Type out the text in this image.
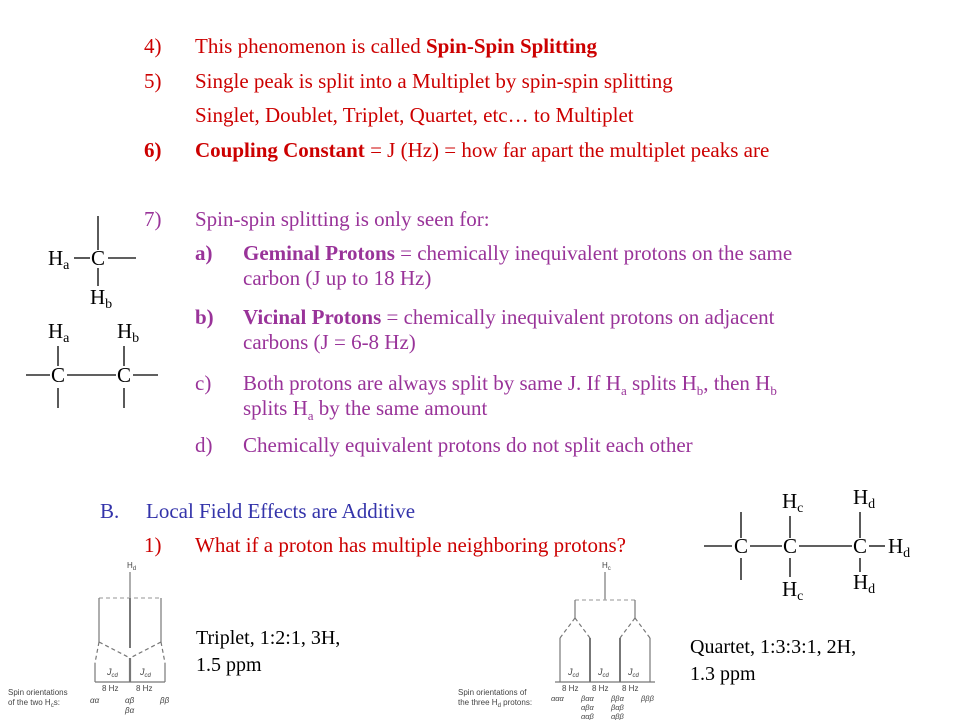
4) This phenomenon is called Spin-Spin Splitting
5) Single peak is split into a Multiplet by spin-spin splitting
Singlet, Doublet, Triplet, Quartet, etc… to Multiplet
6) Coupling Constant = J (Hz) = how far apart the multiplet peaks are
7) Spin-spin splitting is only seen for:
a) Geminal Protons = chemically inequivalent protons on the same
carbon (J up to 18 Hz)
b) Vicinal Protons = chemically inequivalent protons on adjacent
carbons (J = 6-8 Hz)
c) Both protons are always split by same J. If $H_a$ splits $H_b$, then $H_b$
splits $H_a$ by the same amount
d) Chemically equivalent protons do not split each other
B. Local Field Effects are Additive
1) What if a proton has multiple neighboring protons?
Ha C
Hb
Ha Hb
C C
Hc Hd
C C	C Hd
Hc
Hd
$H_d$
$J_{cd}$ $J_{cd}$
8 Hz 8 Hz
Spin orientations
of the two $H_cs$:	αα	αβ	ββ
βα
Triplet, 1:2:1, 3H,
1.5 ppm
$H_c$
$J_{cd}$ $J_{cd}$ $J_{cd}$
8 Hz 8 Hz 8 Hz
Spin orientations of
the three $H_d$ protons:	ααα βαα ββα βββ
αβα βαβ
ααβ αββ
Quartet, 1:3:3:1, 2H,
1.3 ppm
